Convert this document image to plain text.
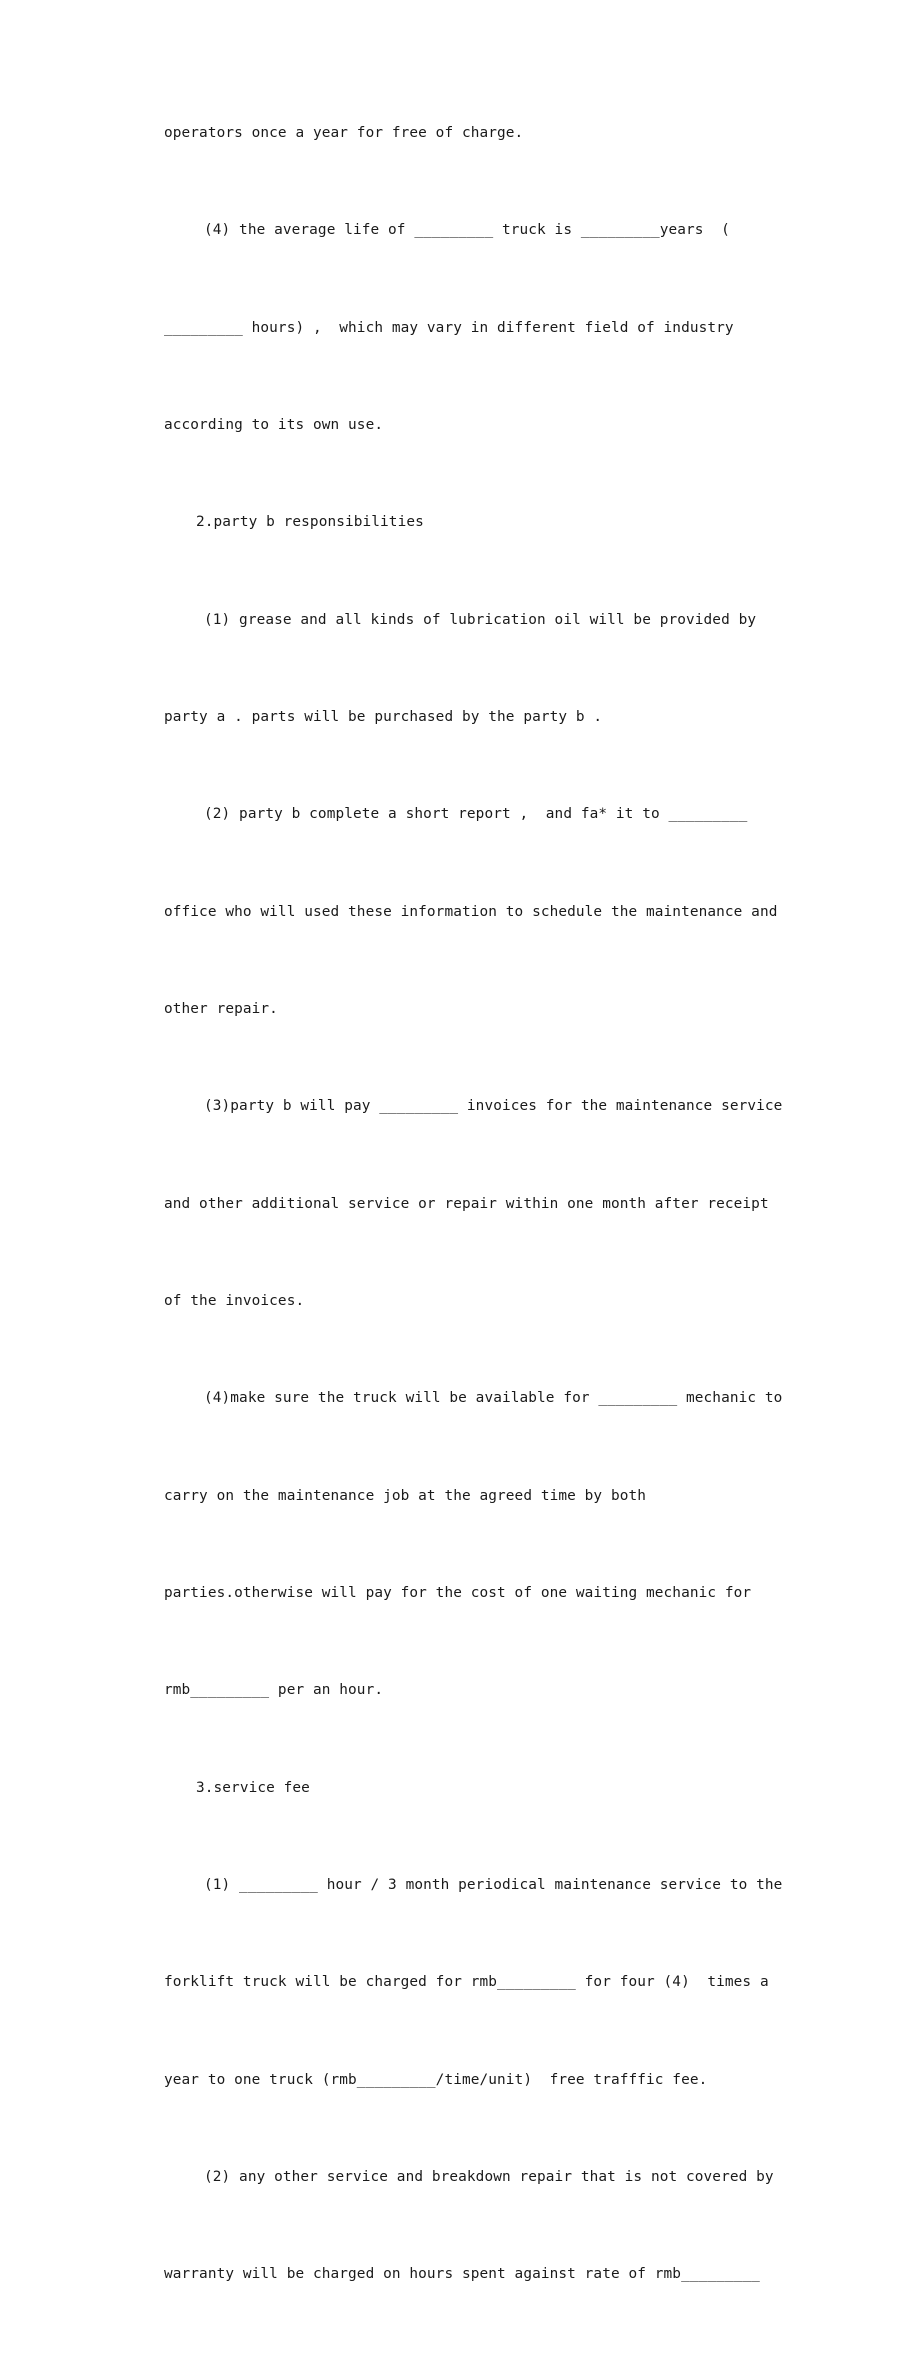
operators once a year for free of charge.

(4) the average life of _________ truck is _________years  (

_________ hours) ,  which may vary in different field of industry

according to its own use.

2.party b responsibilities

(1) grease and all kinds of lubrication oil will be provided by

party a . parts will be purchased by the party b .

(2) party b complete a short report ,  and fa* it to _________

office who will used these information to schedule the maintenance and

other repair.

(3)party b will pay _________ invoices for the maintenance service

and other additional service or repair within one month after receipt

of the invoices.

(4)make sure the truck will be available for _________ mechanic to

carry on the maintenance job at the agreed time by both

parties.otherwise will pay for the cost of one waiting mechanic for

rmb_________ per an hour.

3.service fee

(1) _________ hour / 3 month periodical maintenance service to the

forklift truck will be charged for rmb_________ for four (4)  times a

year to one truck (rmb_________/time/unit)  free trafffic fee.

(2) any other service and breakdown repair that is not covered by

warranty will be charged on hours spent against rate of rmb_________
